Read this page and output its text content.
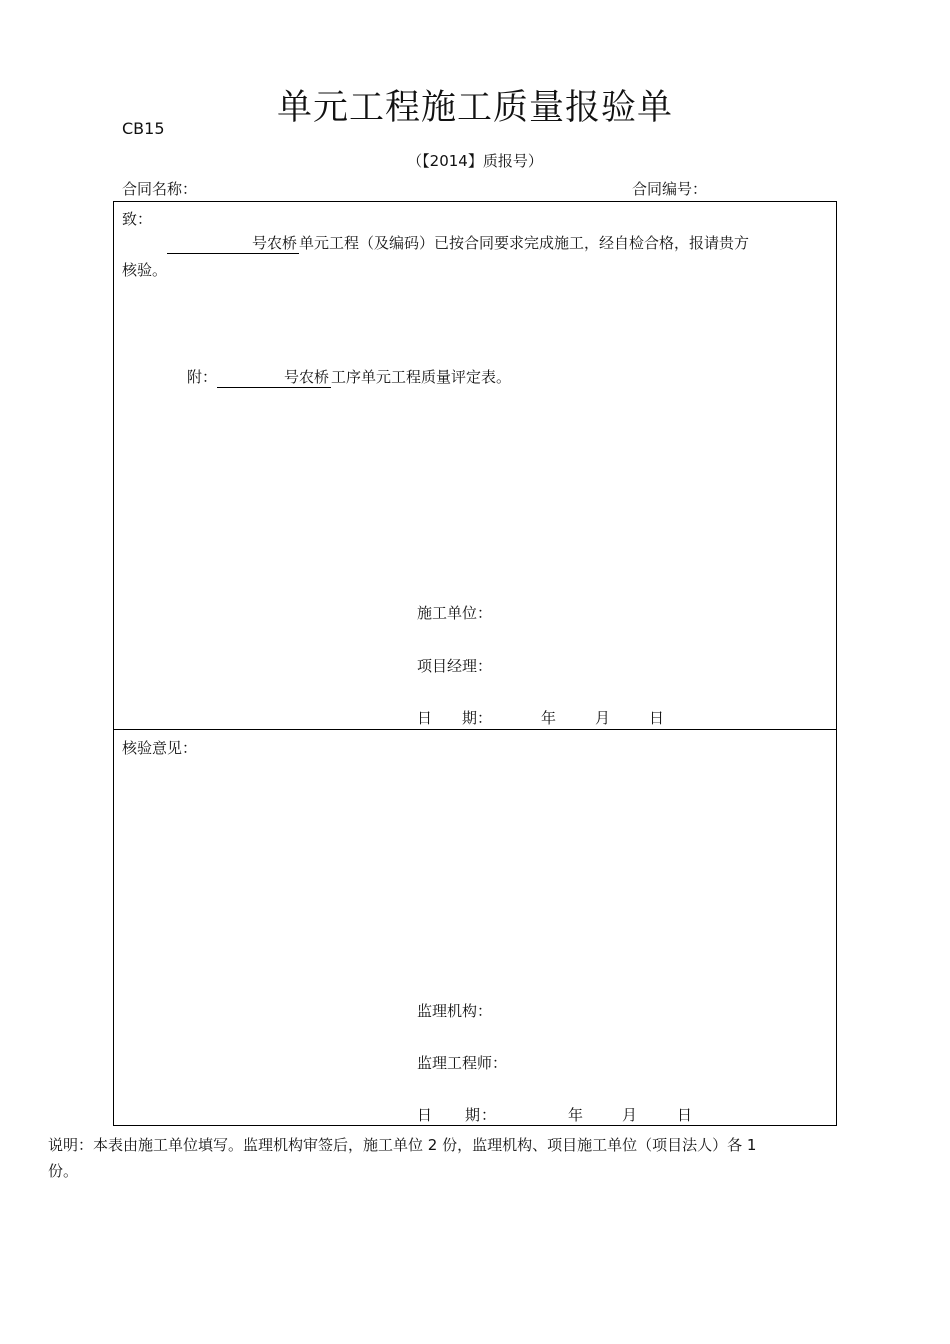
单元工程施工质量报验单
CB15
（【2014】质报号）
合同名称：	合同编号：
致：
号农桥 单元工程（及编码）已按合同要求完成施工，经自检合格，报请贵方
核验。
附：	号农桥 工序单元工程质量评定表。
施工单位：
项目经理：
日　　期：	年	月	日
核验意见：
监理机构：
监理工程师：
日　　期：	年	月	日
说明：本表由施工单位填写。监理机构审签后，施工单位 2 份，监理机构、项目施工单位（项目法人）各 1
份。
